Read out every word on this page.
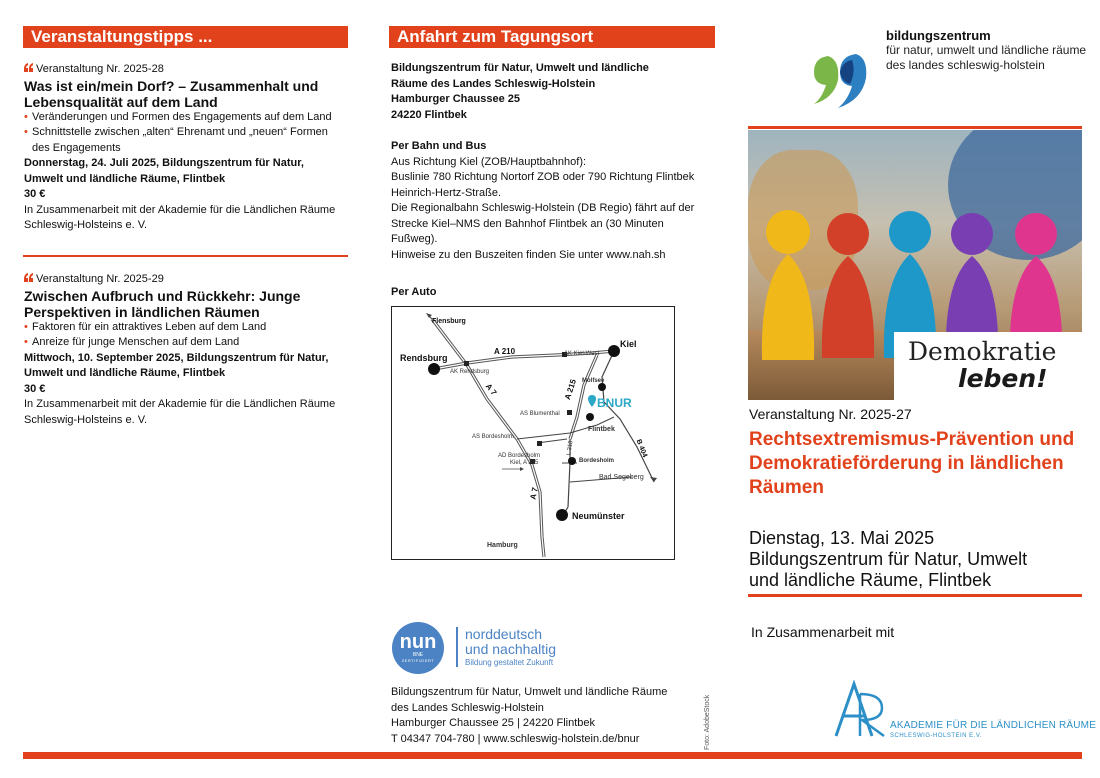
Veranstaltungstipps ...
Veranstaltung Nr. 2025-28
Was ist ein/mein Dorf? – Zusammenhalt und Lebensqualität auf dem Land
• Veränderungen und Formen des Engagements auf dem Land
• Schnittstelle zwischen „alten“ Ehrenamt und „neuen“ Formen des Engagements
Donnerstag, 24. Juli 2025, Bildungszentrum für Natur, Umwelt und ländliche Räume, Flintbek
30 €
In Zusammenarbeit mit der Akademie für die Ländlichen Räume Schleswig-Holsteins e. V.
Veranstaltung Nr. 2025-29
Zwischen Aufbruch und Rückkehr: Junge Perspektiven in ländlichen Räumen
• Faktoren für ein attraktives Leben auf dem Land
• Anreize für junge Menschen auf dem Land
Mittwoch, 10. September 2025, Bildungszentrum für Natur, Umwelt und ländliche Räume, Flintbek
30 €
In Zusammenarbeit mit der Akademie für die Ländlichen Räume Schleswig-Holsteins e. V.
Anfahrt zum Tagungsort
Bildungszentrum für Natur, Umwelt und ländliche
Räume des Landes Schleswig-Holstein
Hamburger Chaussee 25
24220 Flintbek
Per Bahn und Bus
Aus Richtung Kiel (ZOB/Hauptbahnhof):
Buslinie 780 Richtung Nortorf ZOB oder 790 Richtung Flintbek
Heinrich-Hertz-Straße.
Die Regionalbahn Schleswig-Holstein (DB Regio) fährt auf der
Strecke Kiel–NMS den Bahnhof Flintbek an (30 Minuten Fußweg).
Hinweise zu den Buszeiten finden Sie unter www.nah.sh
Per Auto
Flensburg
Rendsburg
Kiel
A 210
A 215
A 7
A 7
B 404
L 318
AK Rendsburg
AK Kiel-West
Molfsee
BNUR
AS Blumenthal
Flintbek
AS Bordesholm
AD Bordesholm
Kiel, A 215	Bordesholm
Bad Segeberg
Neumünster
Hamburg
nun
BNE
ZERTIFIZIERT
norddeutsch
und nachhaltig
Bildung gestaltet Zukunft
Bildungszentrum für Natur, Umwelt und ländliche Räume
des Landes Schleswig-Holstein
Hamburger Chaussee 25 | 24220 Flintbek
T 04347 704-780 | www.schleswig-holstein.de/bnur	Foto: AdobeStock
bildungszentrum
für natur, umwelt und ländliche räume
des landes schleswig-holstein
Demokratie
leben!
Veranstaltung Nr. 2025-27
Rechtsextremismus-Prävention und Demokratieförderung in ländlichen Räumen
Dienstag, 13. Mai 2025
Bildungszentrum für Natur, Umwelt
und ländliche Räume, Flintbek
In Zusammenarbeit mit
AKADEMIE FÜR DIE LÄNDLICHEN RÄUME
SCHLESWIG-HOLSTEIN E.V.
